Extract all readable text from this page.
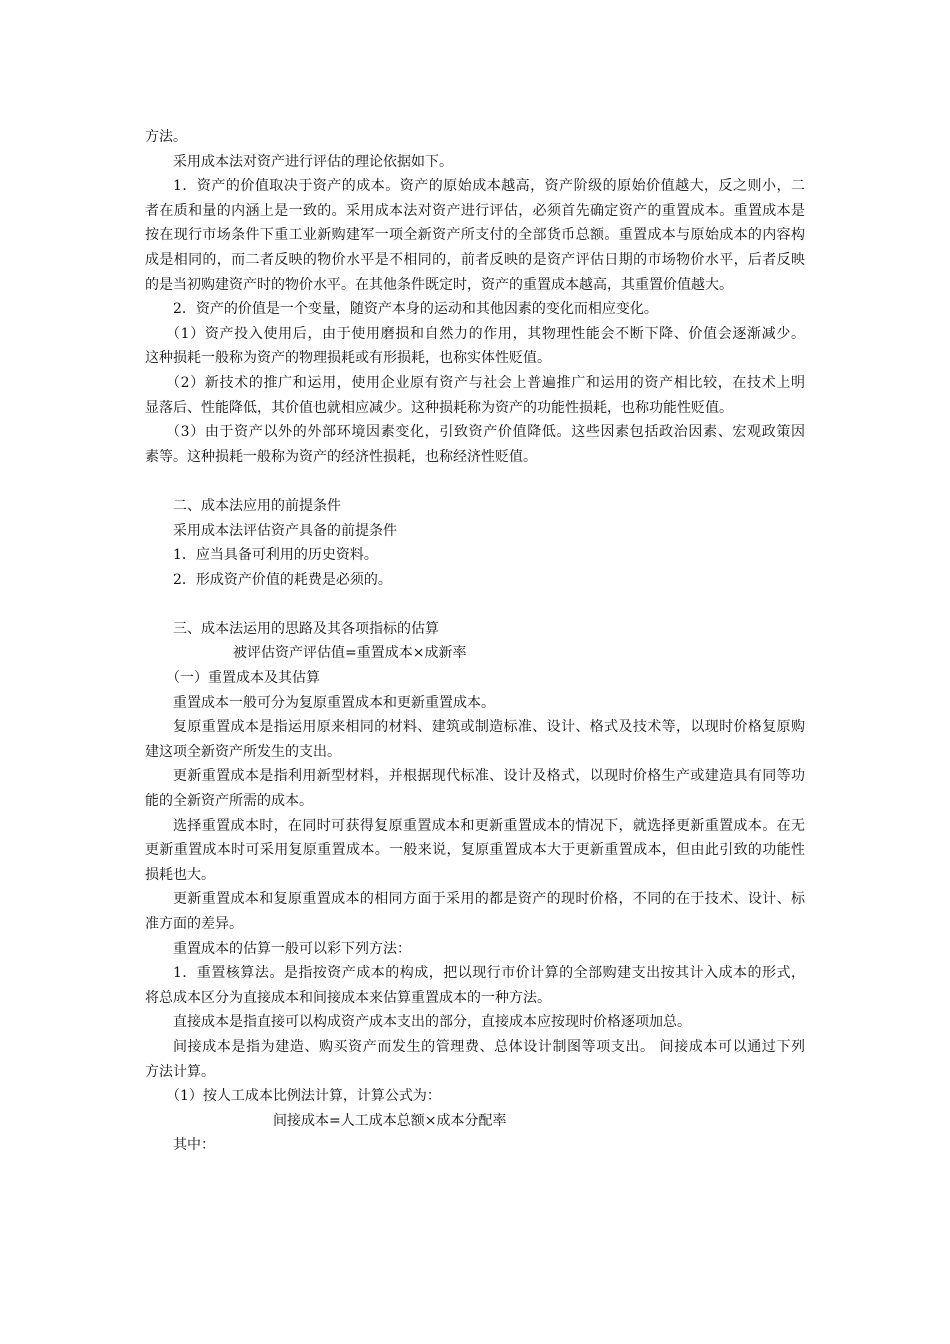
方法。
采用成本法对资产进行评估的理论依据如下。
1．资产的价值取决于资产的成本。资产的原始成本越高，资产阶级的原始价值越大，反之则小，二
者在质和量的内涵上是一致的。采用成本法对资产进行评估，必须首先确定资产的重置成本。重置成本是
按在现行市场条件下重工业新购建军一项全新资产所支付的全部货币总额。重置成本与原始成本的内容构
成是相同的，而二者反映的物价水平是不相同的，前者反映的是资产评估日期的市场物价水平，后者反映
的是当初购建资产时的物价水平。在其他条件既定时，资产的重置成本越高，其重置价值越大。
2．资产的价值是一个变量，随资产本身的运动和其他因素的变化而相应变化。
（1）资产投入使用后，由于使用磨损和自然力的作用，其物理性能会不断下降、价值会逐渐减少。
这种损耗一般称为资产的物理损耗或有形损耗，也称实体性贬值。
（2）新技术的推广和运用，使用企业原有资产与社会上普遍推广和运用的资产相比较，在技术上明
显落后、性能降低，其价值也就相应减少。这种损耗称为资产的功能性损耗，也称功能性贬值。
（3）由于资产以外的外部环境因素变化，引致资产价值降低。这些因素包括政治因素、宏观政策因
素等。这种损耗一般称为资产的经济性损耗，也称经济性贬值。
二、成本法应用的前提条件
采用成本法评估资产具备的前提条件
1．应当具备可利用的历史资料。
2．形成资产价值的耗费是必须的。
三、成本法运用的思路及其各项指标的估算
被评估资产评估值=重置成本×成新率
（一）重置成本及其估算
重置成本一般可分为复原重置成本和更新重置成本。
复原重置成本是指运用原来相同的材料、建筑或制造标准、设计、格式及技术等，以现时价格复原购
建这项全新资产所发生的支出。
更新重置成本是指利用新型材料，并根据现代标准、设计及格式，以现时价格生产或建造具有同等功
能的全新资产所需的成本。
选择重置成本时，在同时可获得复原重置成本和更新重置成本的情况下，就选择更新重置成本。在无
更新重置成本时可采用复原重置成本。一般来说，复原重置成本大于更新重置成本，但由此引致的功能性
损耗也大。
更新重置成本和复原重置成本的相同方面于采用的都是资产的现时价格，不同的在于技术、设计、标
准方面的差异。
重置成本的估算一般可以彩下列方法：
1．重置核算法。是指按资产成本的构成，把以现行市价计算的全部购建支出按其计入成本的形式，
将总成本区分为直接成本和间接成本来估算重置成本的一种方法。
直接成本是指直接可以构成资产成本支出的部分，直接成本应按现时价格逐项加总。
间接成本是指为建造、购买资产而发生的管理费、总体设计制图等项支出。 间接成本可以通过下列
方法计算。
（1）按人工成本比例法计算，计算公式为：
间接成本=人工成本总额×成本分配率
其中：
